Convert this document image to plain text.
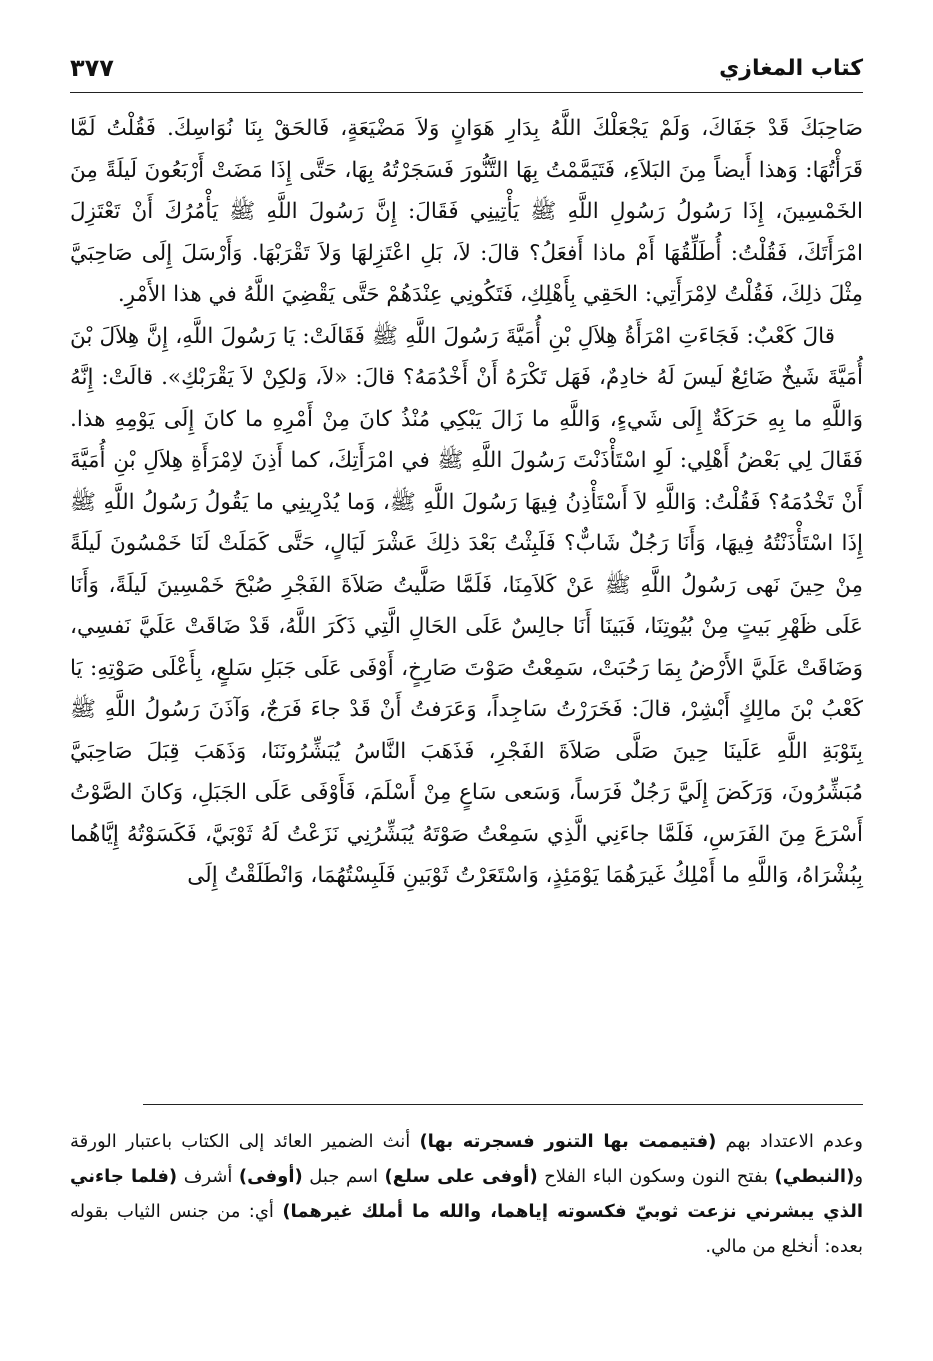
كتاب المغازي
٣٧٧

صَاحِبَكَ قَدْ جَفَاكَ، وَلَمْ يَجْعَلْكَ اللَّهُ بِدَارِ هَوَانٍ وَلاَ مَضْيَعَةٍ، فَالحَقْ بِنَا نُوَاسِكَ. فَقُلْتُ لَمَّا قَرَأْتُهَا: وَهذا أَيضاً مِنَ البَلاَءِ، فَتَيَمَّمْتُ بِهَا التَّنُّورَ فَسَجَرْتُهُ بِهَا، حَتَّى إِذَا مَضَتْ أَرْبَعُونَ لَيلَةً مِنَ الخَمْسِينَ، إِذَا رَسُولُ رَسُولِ اللَّهِ ﷺ يَأْتِينِي فَقَالَ: إِنَّ رَسُولَ اللَّهِ ﷺ يَأْمُرُكَ أَنْ تَعْتَزِلَ امْرَأَتَكَ، فَقُلْتُ: أُطَلِّقُهَا أَمْ ماذا أَفعَلُ؟ قالَ: لاَ، بَلِ اعْتَزِلهَا وَلاَ تَقْرَبْهَا. وَأَرْسَلَ إِلَى صَاحِبَيَّ مِثْلَ ذلِكَ، فَقُلْتُ لاِمْرَأَتِي: الحَقِي بِأَهْلِكِ، فَتَكُونِي عِنْدَهُمْ حَتَّى يَقْضِيَ اللَّهُ في هذا الأَمْرِ.

قالَ كَعْبٌ: فَجَاءَتِ امْرَأَةُ هِلاَلِ بْنِ أُمَيَّةَ رَسُولَ اللَّهِ ﷺ فَقَالَتْ: يَا رَسُولَ اللَّهِ، إِنَّ هِلاَلَ بْنَ أُمَيَّةَ شَيخٌ ضَائِعٌ لَيسَ لَهُ خادِمٌ، فَهَل تَكْرَهُ أَنْ أَخْدُمَهُ؟ قالَ: «لاَ، وَلكِنْ لاَ يَقْرَبْكِ». قالَتْ: إِنَّهُ وَاللَّهِ ما بِهِ حَرَكَةٌ إِلَى شَيءٍ، وَاللَّهِ ما زَالَ يَبْكِي مُنْذُ كانَ مِنْ أَمْرِهِ ما كانَ إِلَى يَوْمِهِ هذا. فَقَالَ لِي بَعْضُ أَهْلِي: لَوِ اسْتَأْذَنْتَ رَسُولَ اللَّهِ ﷺ في امْرَأَتِكَ، كما أَذِنَ لاِمْرَأَةِ هِلاَلِ بْنِ أُمَيَّةَ أَنْ تَخْدُمَهُ؟ فَقُلْتُ: وَاللَّهِ لاَ أَسْتَأْذِنُ فِيهَا رَسُولَ اللَّهِ ﷺ، وَما يُدْرِينِي ما يَقُولُ رَسُولُ اللَّهِ ﷺ إِذَا اسْتَأْذَنْتُهُ فِيهَا، وَأَنَا رَجُلٌ شَابٌّ؟ فَلَبِثْتُ بَعْدَ ذلِكَ عَشْرَ لَيَالٍ، حَتَّى كَمَلَتْ لَنَا خَمْسُونَ لَيلَةً مِنْ حِينَ نَهى رَسُولُ اللَّهِ ﷺ عَنْ كَلاَمِنَا، فَلَمَّا صَلَّيتُ صَلاَةَ الفَجْرِ صُبْحَ خَمْسِينَ لَيلَةً، وَأَنَا عَلَى ظَهْرِ بَيتٍ مِنْ بُيُوتِنَا، فَبَينَا أَنَا جالِسٌ عَلَى الحَالِ الَّتِي ذَكَرَ اللَّهُ، قَدْ ضَاقَتْ عَلَيَّ نَفسِي، وَضَاقَتْ عَلَيَّ الأَرْضُ بِمَا رَحُبَتْ، سَمِعْتُ صَوْتَ صَارِخٍ، أَوْفَى عَلَى جَبَلِ سَلعٍ، بِأَعْلَى صَوْتِهِ: يَا كَعْبُ بْنَ مالِكٍ أَبْشِرْ، قالَ: فَخَرَرْتُ سَاجِداً، وَعَرَفتُ أَنْ قَدْ جاءَ فَرَجٌ، وَآذَنَ رَسُولُ اللَّهِ ﷺ بِتَوْبَةِ اللَّهِ عَلَينَا حِينَ صَلَّى صَلاَةَ الفَجْرِ، فَذَهَبَ النَّاسُ يُبَشِّرُونَنَا، وَذَهَبَ قِبَلَ صَاحِبَيَّ مُبَشِّرُونَ، وَرَكَضَ إِلَيَّ رَجُلٌ فَرَساً، وَسَعى سَاعٍ مِنْ أَسْلَمَ، فَأَوْفَى عَلَى الجَبَلِ، وَكانَ الصَّوْتُ أَسْرَعَ مِنَ الفَرَسِ، فَلَمَّا جاءَنِي الَّذِي سَمِعْتُ صَوْتَهُ يُبَشِّرُنِي نَزَعْتُ لَهُ ثَوْبَيَّ، فَكَسَوْتُهُ إِيَّاهُما بِبُشْرَاهُ، وَاللَّهِ ما أَمْلِكُ غَيرَهُمَا يَوْمَئِذٍ، وَاسْتَعَرْتُ ثَوْبَينِ فَلَبِسْتُهُمَا، وَانْطَلَقْتُ إِلَى

وعدم الاعتداد بهم (فتيممت بها التنور فسجرته بها) أنث الضمير العائد إلى الكتاب باعتبار الورقة و(النبطي) بفتح النون وسكون الباء الفلاح (أوفى على سلع) اسم جبل (أوفى) أشرف (فلما جاءني الذي يبشرني نزعت ثوبيّ فكسوته إياهما، والله ما أملك غيرهما) أي: من جنس الثياب بقوله بعده: أنخلع من مالي.
